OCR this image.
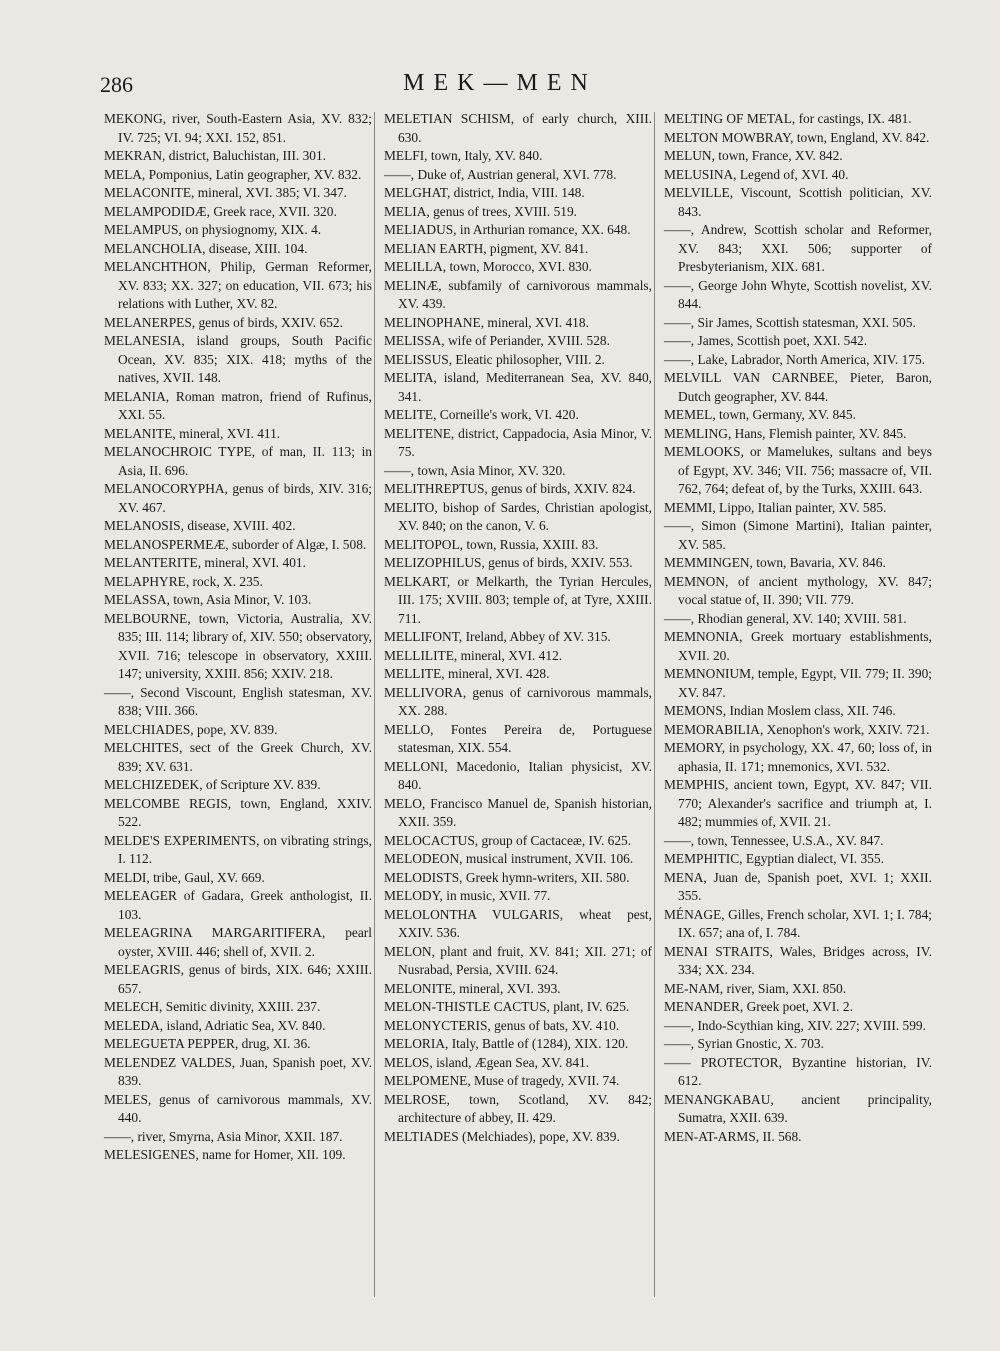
286	MEK—MEN

MEKONG, river, South-Eastern Asia, XV. 832; IV. 725; VI. 94; XXI. 152, 851.

MEKRAN, district, Baluchistan, III. 301.

MELA, Pomponius, Latin geographer, XV. 832.

MELACONITE, mineral, XVI. 385; VI. 347.

MELAMPODIDÆ, Greek race, XVII. 320.

MELAMPUS, on physiognomy, XIX. 4.

MELANCHOLIA, disease, XIII. 104.

MELANCHTHON, Philip, German Reformer, XV. 833; XX. 327; on education, VII. 673; his relations with Luther, XV. 82.

MELANERPES, genus of birds, XXIV. 652.

MELANESIA, island groups, South Pacific Ocean, XV. 835; XIX. 418; myths of the natives, XVII. 148.

MELANIA, Roman matron, friend of Rufinus, XXI. 55.

MELANITE, mineral, XVI. 411.

MELANOCHROIC TYPE, of man, II. 113; in Asia, II. 696.

MELANOCORYPHA, genus of birds, XIV. 316; XV. 467.

MELANOSIS, disease, XVIII. 402.

MELANOSPERMEÆ, suborder of Algæ, I. 508.

MELANTERITE, mineral, XVI. 401.

MELAPHYRE, rock, X. 235.

MELASSA, town, Asia Minor, V. 103.

MELBOURNE, town, Victoria, Australia, XV. 835; III. 114; library of, XIV. 550; observatory, XVII. 716; telescope in observatory, XXIII. 147; university, XXIII. 856; XXIV. 218.

——, Second Viscount, English statesman, XV. 838; VIII. 366.

MELCHIADES, pope, XV. 839.

MELCHITES, sect of the Greek Church, XV. 839; XV. 631.

MELCHIZEDEK, of Scripture XV. 839.

MELCOMBE REGIS, town, England, XXIV. 522.

MELDE'S EXPERIMENTS, on vibrating strings, I. 112.

MELDI, tribe, Gaul, XV. 669.

MELEAGER of Gadara, Greek anthologist, II. 103.

MELEAGRINA MARGARITIFERA, pearl oyster, XVIII. 446; shell of, XVII. 2.

MELEAGRIS, genus of birds, XIX. 646; XXIII. 657.

MELECH, Semitic divinity, XXIII. 237.

MELEDA, island, Adriatic Sea, XV. 840.

MELEGUETA PEPPER, drug, XI. 36.

MELENDEZ VALDES, Juan, Spanish poet, XV. 839.

MELES, genus of carnivorous mammals, XV. 440.

——, river, Smyrna, Asia Minor, XXII. 187.

MELESIGENES, name for Homer, XII. 109.

MELETIAN SCHISM, of early church, XIII. 630.

MELFI, town, Italy, XV. 840.

——, Duke of, Austrian general, XVI. 778.

MELGHAT, district, India, VIII. 148.

MELIA, genus of trees, XVIII. 519.

MELIADUS, in Arthurian romance, XX. 648.

MELIAN EARTH, pigment, XV. 841.

MELILLA, town, Morocco, XVI. 830.

MELINÆ, subfamily of carnivorous mammals, XV. 439.

MELINOPHANE, mineral, XVI. 418.

MELISSA, wife of Periander, XVIII. 528.

MELISSUS, Eleatic philosopher, VIII. 2.

MELITA, island, Mediterranean Sea, XV. 840, 341.

MELITE, Corneille's work, VI. 420.

MELITENE, district, Cappadocia, Asia Minor, V. 75.

——, town, Asia Minor, XV. 320.

MELITHREPTUS, genus of birds, XXIV. 824.

MELITO, bishop of Sardes, Christian apologist, XV. 840; on the canon, V. 6.

MELITOPOL, town, Russia, XXIII. 83.

MELIZOPHILUS, genus of birds, XXIV. 553.

MELKART, or Melkarth, the Tyrian Hercules, III. 175; XVIII. 803; temple of, at Tyre, XXIII. 711.

MELLIFONT, Ireland, Abbey of XV. 315.

MELLILITE, mineral, XVI. 412.

MELLITE, mineral, XVI. 428.

MELLIVORA, genus of carnivorous mammals, XX. 288.

MELLO, Fontes Pereira de, Portuguese statesman, XIX. 554.

MELLONI, Macedonio, Italian physicist, XV. 840.

MELO, Francisco Manuel de, Spanish historian, XXII. 359.

MELOCACTUS, group of Cactaceæ, IV. 625.

MELODEON, musical instrument, XVII. 106.

MELODISTS, Greek hymn-writers, XII. 580.

MELODY, in music, XVII. 77.

MELOLONTHA VULGARIS, wheat pest, XXIV. 536.

MELON, plant and fruit, XV. 841; XII. 271; of Nusrabad, Persia, XVIII. 624.

MELONITE, mineral, XVI. 393.

MELON-THISTLE CACTUS, plant, IV. 625.

MELONYCTERIS, genus of bats, XV. 410.

MELORIA, Italy, Battle of (1284), XIX. 120.

MELOS, island, Ægean Sea, XV. 841.

MELPOMENE, Muse of tragedy, XVII. 74.

MELROSE, town, Scotland, XV. 842; architecture of abbey, II. 429.

MELTIADES (Melchiades), pope, XV. 839.

MELTING OF METAL, for castings, IX. 481.

MELTON MOWBRAY, town, England, XV. 842.

MELUN, town, France, XV. 842.

MELUSINA, Legend of, XVI. 40.

MELVILLE, Viscount, Scottish politician, XV. 843.

——, Andrew, Scottish scholar and Reformer, XV. 843; XXI. 506; supporter of Presbyterianism, XIX. 681.

——, George John Whyte, Scottish novelist, XV. 844.

——, Sir James, Scottish statesman, XXI. 505.

——, James, Scottish poet, XXI. 542.

——, Lake, Labrador, North America, XIV. 175.

MELVILL VAN CARNBEE, Pieter, Baron, Dutch geographer, XV. 844.

MEMEL, town, Germany, XV. 845.

MEMLING, Hans, Flemish painter, XV. 845.

MEMLOOKS, or Mamelukes, sultans and beys of Egypt, XV. 346; VII. 756; massacre of, VII. 762, 764; defeat of, by the Turks, XXIII. 643.

MEMMI, Lippo, Italian painter, XV. 585.

——, Simon (Simone Martini), Italian painter, XV. 585.

MEMMINGEN, town, Bavaria, XV. 846.

MEMNON, of ancient mythology, XV. 847; vocal statue of, II. 390; VII. 779.

——, Rhodian general, XV. 140; XVIII. 581.

MEMNONIA, Greek mortuary establishments, XVII. 20.

MEMNONIUM, temple, Egypt, VII. 779; II. 390; XV. 847.

MEMONS, Indian Moslem class, XII. 746.

MEMORABILIA, Xenophon's work, XXIV. 721.

MEMORY, in psychology, XX. 47, 60; loss of, in aphasia, II. 171; mnemonics, XVI. 532.

MEMPHIS, ancient town, Egypt, XV. 847; VII. 770; Alexander's sacrifice and triumph at, I. 482; mummies of, XVII. 21.

——, town, Tennessee, U.S.A., XV. 847.

MEMPHITIC, Egyptian dialect, VI. 355.

MENA, Juan de, Spanish poet, XVI. 1; XXII. 355.

MÉNAGE, Gilles, French scholar, XVI. 1; I. 784; IX. 657; ana of, I. 784.

MENAI STRAITS, Wales, Bridges across, IV. 334; XX. 234.

ME-NAM, river, Siam, XXI. 850.

MENANDER, Greek poet, XVI. 2.

——, Indo-Scythian king, XIV. 227; XVIII. 599.

——, Syrian Gnostic, X. 703.

—— PROTECTOR, Byzantine historian, IV. 612.

MENANGKABAU, ancient principality, Sumatra, XXII. 639.

MEN-AT-ARMS, II. 568.
